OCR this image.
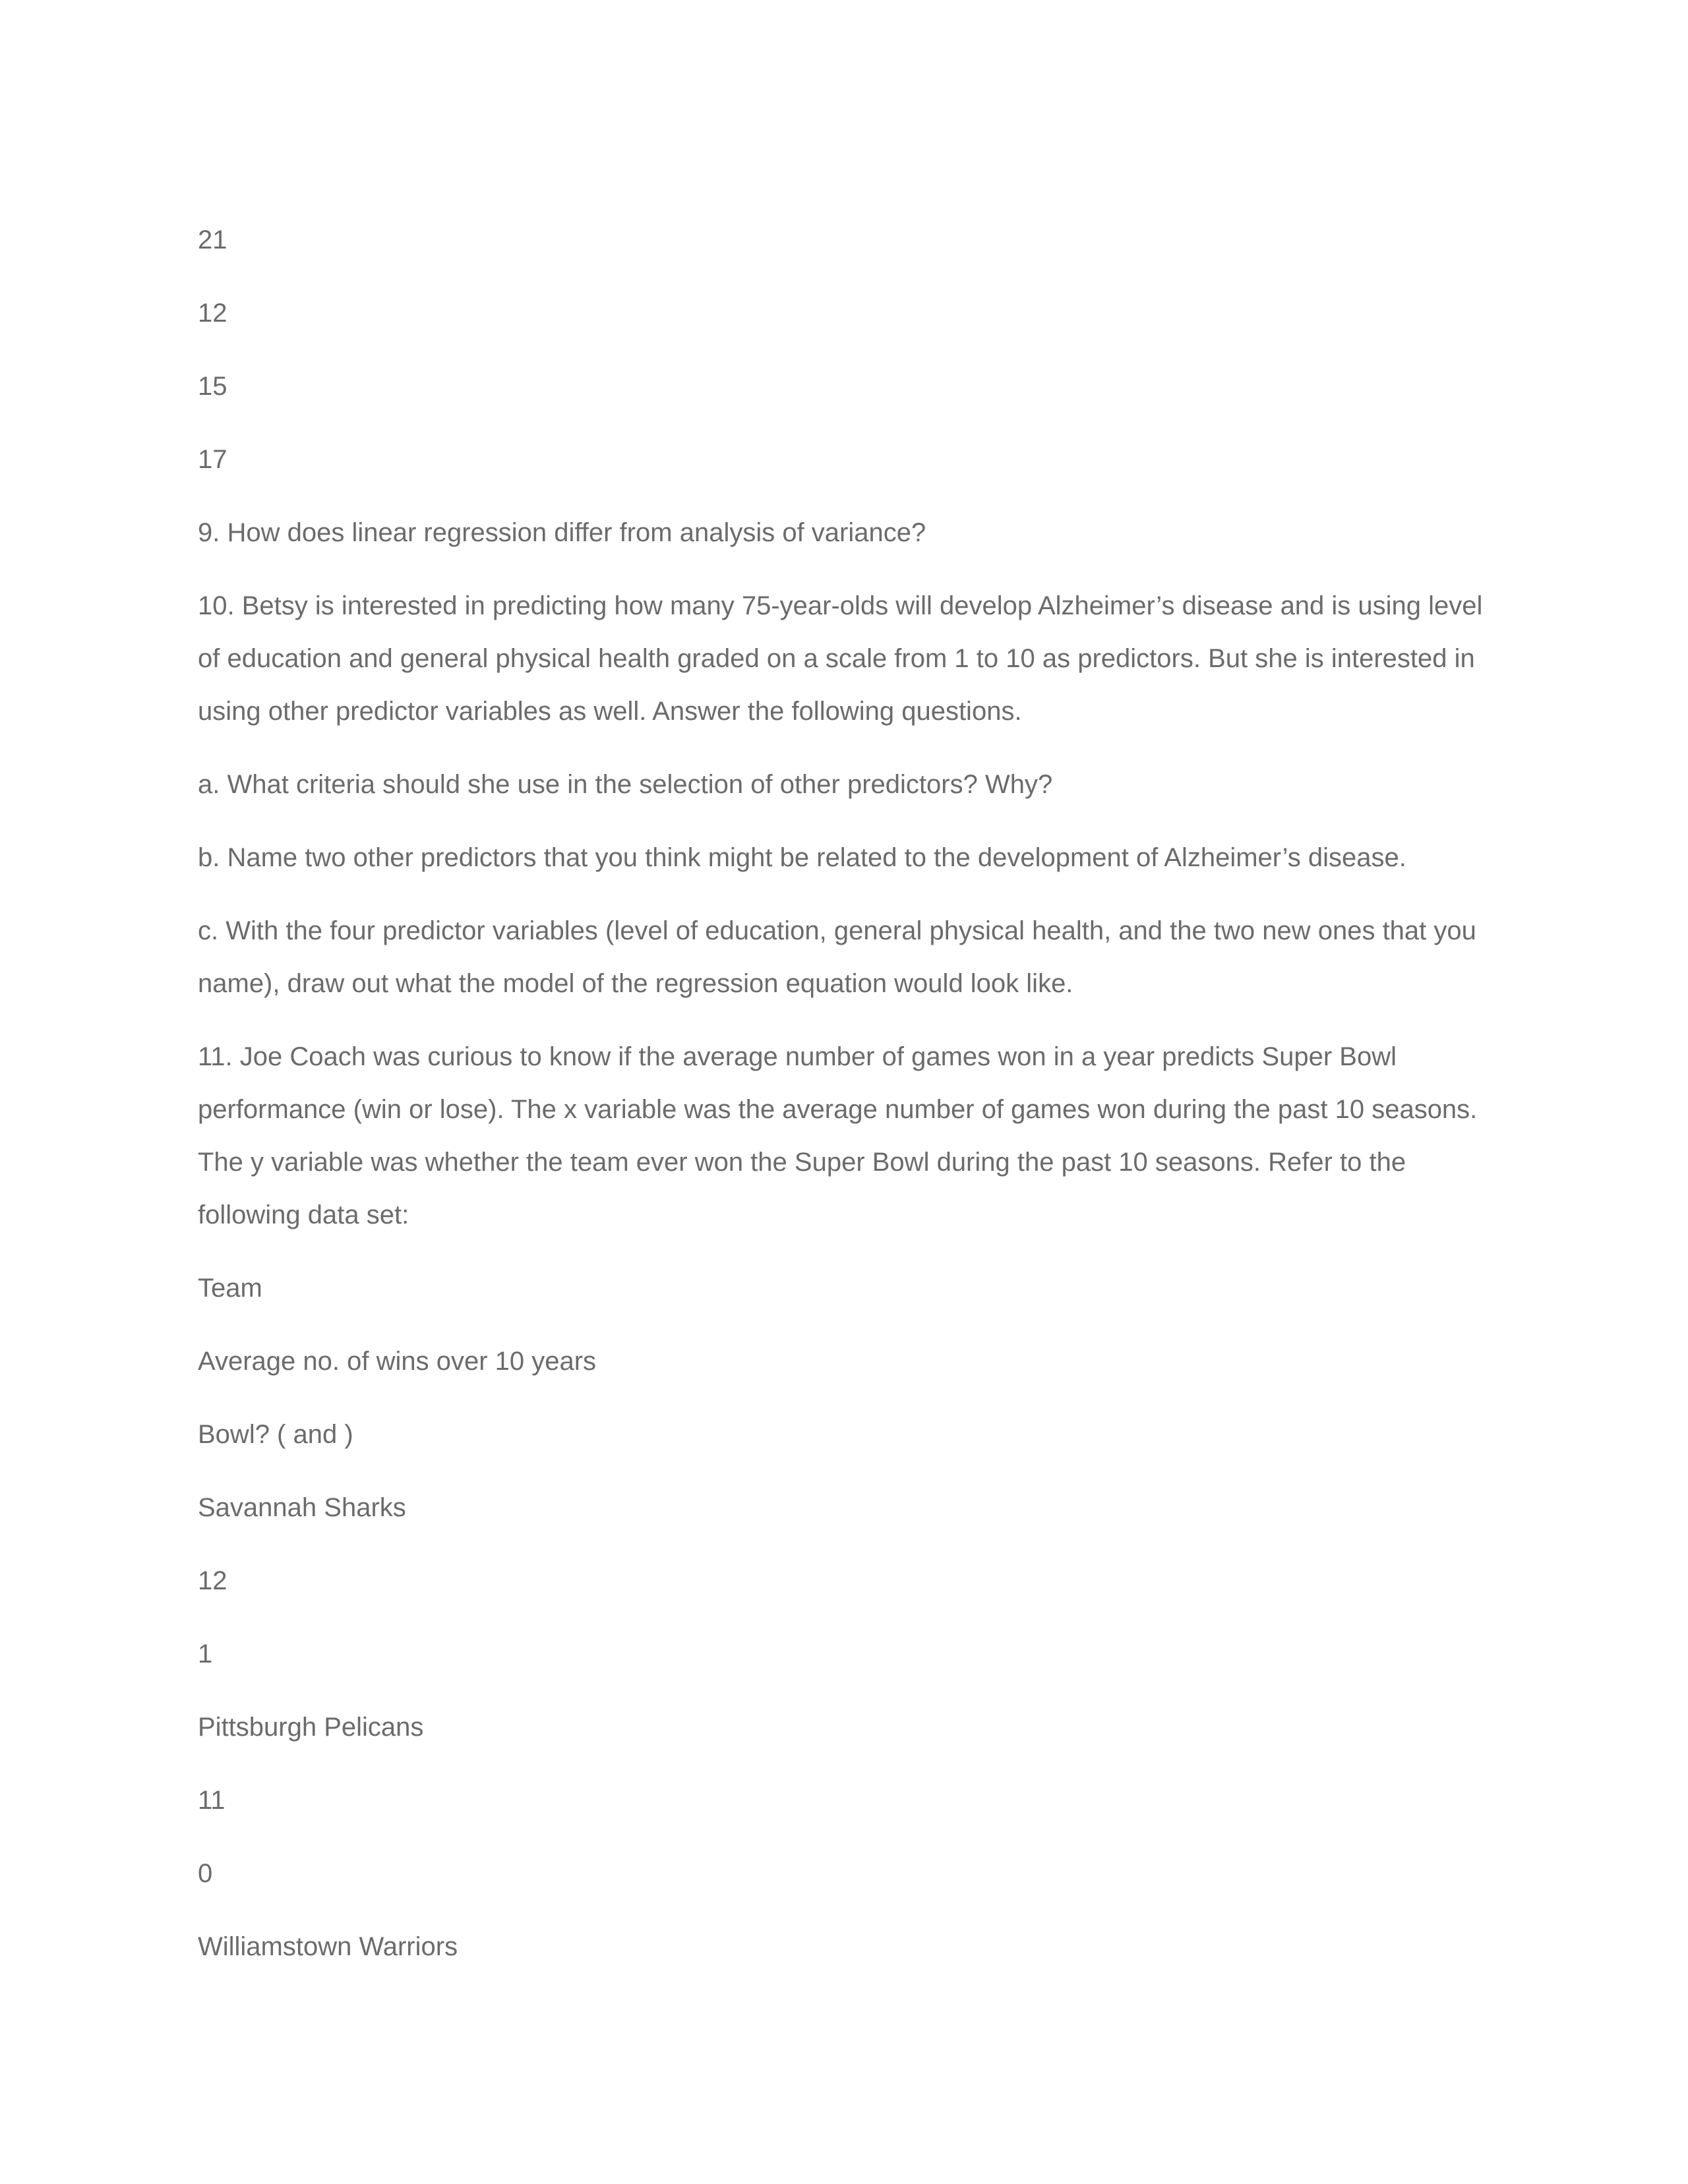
21

12

15

17

9. How does linear regression differ from analysis of variance?

10. Betsy is interested in predicting how many 75-year-olds will develop Alzheimer’s disease and is using level of education and general physical health graded on a scale from 1 to 10 as predictors. But she is interested in using other predictor variables as well. Answer the following questions.

a. What criteria should she use in the selection of other predictors? Why?

b. Name two other predictors that you think might be related to the development of Alzheimer’s disease.

c. With the four predictor variables (level of education, general physical health, and the two new ones that you name), draw out what the model of the regression equation would look like.

11. Joe Coach was curious to know if the average number of games won in a year predicts Super Bowl performance (win or lose). The x variable was the average number of games won during the past 10 seasons. The y variable was whether the team ever won the Super Bowl during the past 10 seasons. Refer to the following data set:

Team

Average no. of wins over 10 years

Bowl? ( and )

Savannah Sharks

12

1

Pittsburgh Pelicans

11

0

Williamstown Warriors
